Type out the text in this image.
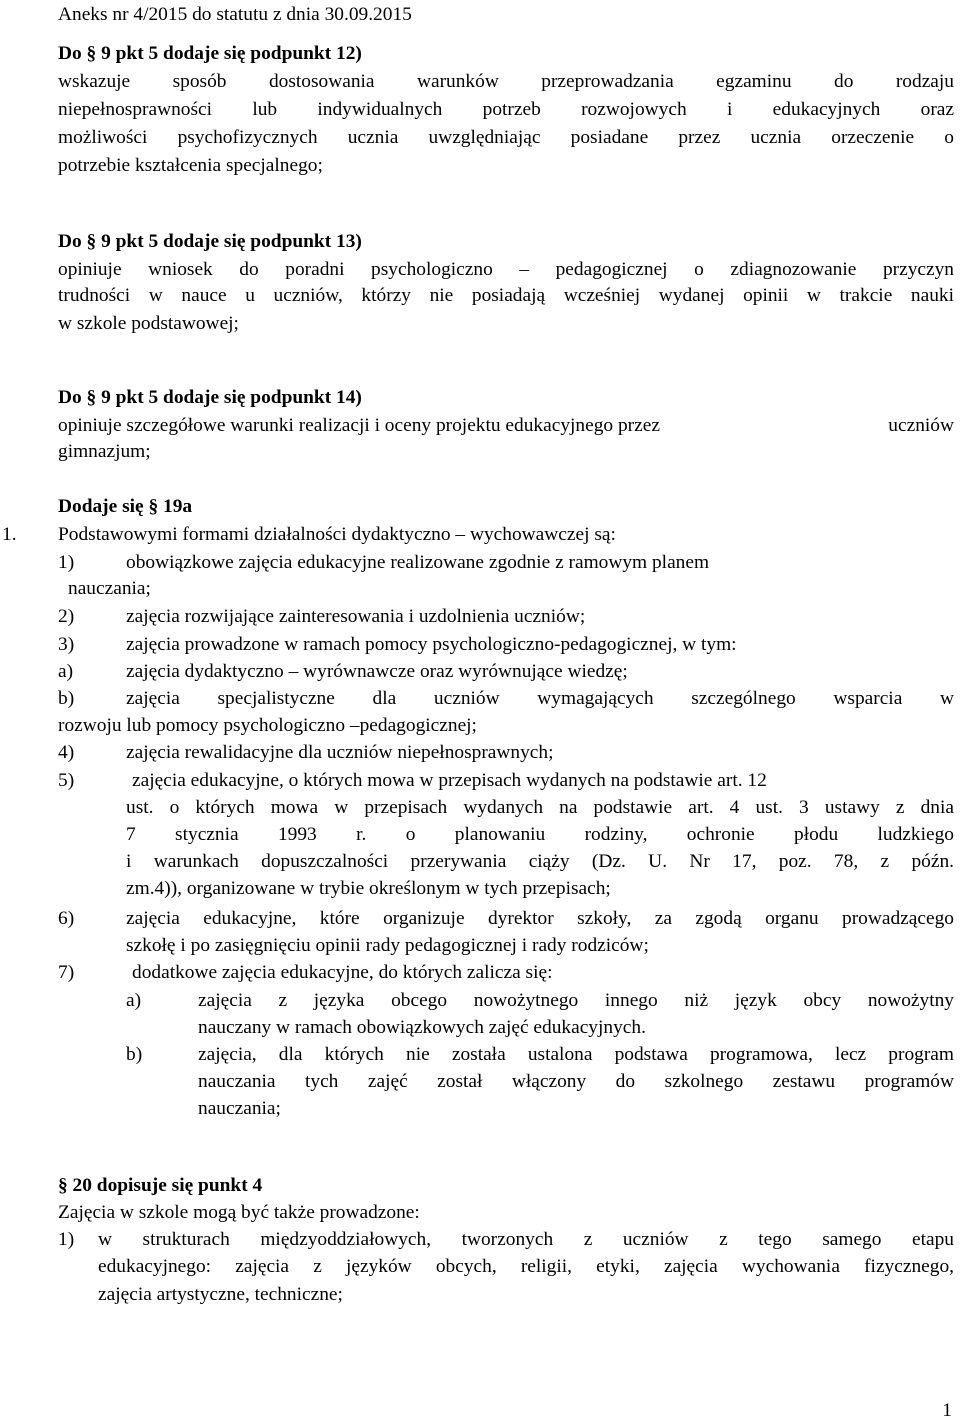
Aneks nr 4/2015 do statutu z dnia 30.09.2015
Do § 9 pkt 5 dodaje się podpunkt 12)
wskazuje sposób dostosowania warunków przeprowadzania egzaminu do rodzaju
niepełnosprawności lub indywidualnych potrzeb rozwojowych i edukacyjnych oraz
możliwości psychofizycznych ucznia uwzględniając posiadane przez ucznia orzeczenie o
potrzebie kształcenia specjalnego;
Do § 9 pkt 5 dodaje się podpunkt 13)
opiniuje wniosek do poradni psychologiczno – pedagogicznej o zdiagnozowanie przyczyn
trudności w nauce u uczniów, którzy nie posiadają wcześniej wydanej opinii w trakcie nauki
w szkole podstawowej;
Do § 9 pkt 5 dodaje się podpunkt 14)
opiniuje szczegółowe warunki realizacji i oceny projektu edukacyjnego przez	uczniów
gimnazjum;
Dodaje się § 19a
1. Podstawowymi formami działalności dydaktyczno – wychowawczej są:
1)	obowiązkowe zajęcia edukacyjne realizowane zgodnie z ramowym planem
nauczania;
2)	zajęcia rozwijające zainteresowania i uzdolnienia uczniów;
3)	zajęcia prowadzone w ramach pomocy psychologiczno-pedagogicznej, w tym:
a)	zajęcia dydaktyczno – wyrównawcze oraz wyrównujące wiedzę;
b)	zajęcia specjalistyczne dla uczniów wymagających szczególnego wsparcia w
rozwoju lub pomocy psychologiczno –pedagogicznej;
4)	zajęcia rewalidacyjne dla uczniów niepełnosprawnych;
5)	zajęcia edukacyjne, o których mowa w przepisach wydanych na podstawie art. 12
ust. o których mowa w przepisach wydanych na podstawie art. 4 ust. 3 ustawy z dnia
7 stycznia 1993 r. o planowaniu rodziny, ochronie płodu ludzkiego
i warunkach dopuszczalności przerywania ciąży (Dz. U. Nr 17, poz. 78, z późn.
zm.4)), organizowane w trybie określonym w tych przepisach;
6)	zajęcia edukacyjne, które organizuje dyrektor szkoły, za zgodą organu prowadzącego
szkołę i po zasięgnięciu opinii rady pedagogicznej i rady rodziców;
7)	dodatkowe zajęcia edukacyjne, do których zalicza się:
a)	zajęcia z języka obcego nowożytnego innego niż język obcy nowożytny
nauczany w ramach obowiązkowych zajęć edukacyjnych.
b)	zajęcia, dla których nie została ustalona podstawa programowa, lecz program
nauczania tych zajęć został włączony do szkolnego zestawu programów
nauczania;
§ 20 dopisuje się punkt 4
Zajęcia w szkole mogą być także prowadzone:
1) w strukturach międzyoddziałowych, tworzonych z uczniów z tego samego etapu
edukacyjnego: zajęcia z języków obcych, religii, etyki, zajęcia wychowania fizycznego,
zajęcia artystyczne, techniczne;
1
